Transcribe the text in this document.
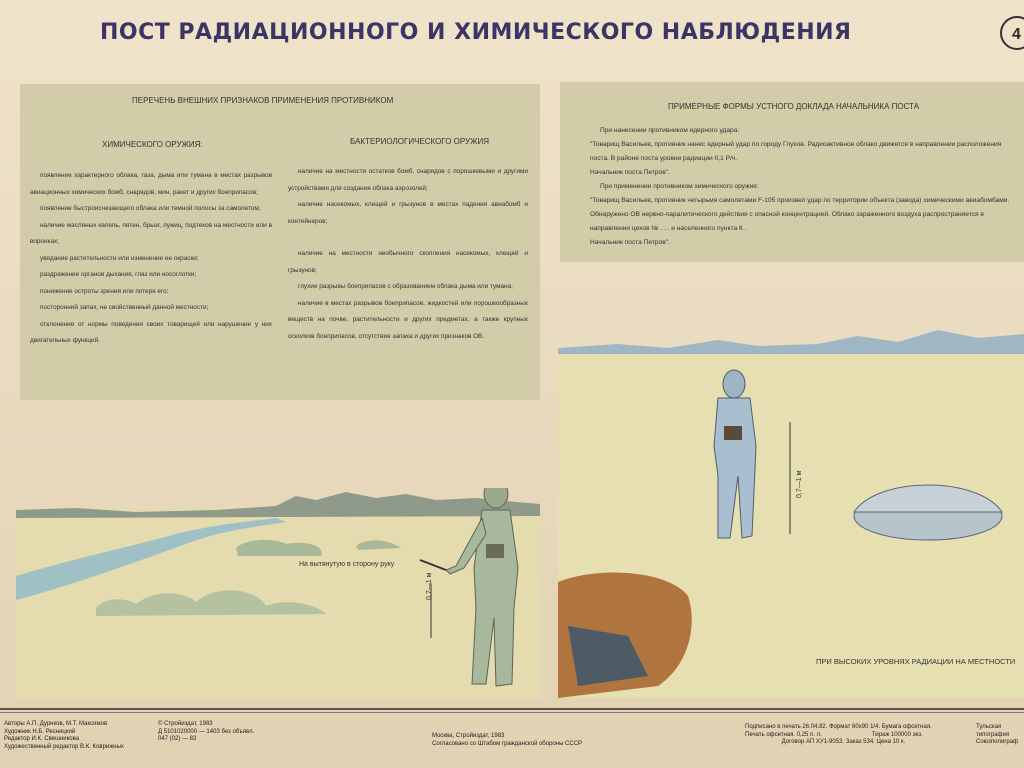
ПОСТ РАДИАЦИОННОГО И ХИМИЧЕСКОГО НАБЛЮДЕНИЯ	4
ПЕРЕЧЕНЬ ВНЕШНИХ ПРИЗНАКОВ ПРИМЕНЕНИЯ ПРОТИВНИКОМ
ХИМИЧЕСКОГО ОРУЖИЯ:	БАКТЕРИОЛОГИЧЕСКОГО ОРУЖИЯ

появление характерного облака, газа, дыма или тумана в местах разрывов авиационных химических бомб, снарядов, мин, ракет и других боеприпасов;

появление быстроисчезающего облака или темной полосы за самолетом;

наличие масляных капель, пятен, брызг, лужиц, подтеков на местности или в воронках;

увядание растительности или изменение ее окраски;

раздражение органов дыхания, глаз или носоглотки;

понижение остроты зрения или потеря его;

посторонний запах, не свойственный данной местности;

отклонение от нормы поведения своих товарищей или нарушение у них двигательных функций.

наличие на местности остатков бомб, снарядов с порошкевыми и другими устройствами для создания облака аэрозолей;

наличие насекомых, клещей и грызунов в местах падения авиабомб и контейнеров;

наличие на местности необычного скопления насекомых, клещей и грызунов;

глухие разрывы боеприпасов с образованием облака дыма или тумана;

наличие в местах разрывов боеприпасов, жидкостей или порошкообразных веществ на почве, растительности и других предметах, а также крупных осколков боеприпасов, отсутствие запаха и других признаков ОВ.

ПРИМЕРНЫЕ ФОРМЫ УСТНОГО ДОКЛАДА НАЧАЛЬНИКА ПОСТА

При нанесении противником ядерного удара:

"Товарищ Васильев, противник нанес ядерный удар по городу Глухов. Радиоактивное облако движется в направлении расположения поста. В районе поста уровни радиации 0,1 Р/ч.

Начальник поста Петров".

При применении противником химического оружия:

"Товарищ Васильев, противник четырьмя самолетами F-105 произвел удар по территории объекта (завода) химическими авиабомбами. Обнаружено ОВ нервно-паралитического действия с опасной концентрацией. Облако зараженного воздуха распространяется в направлении цехов № . . . и населенного пункта К .

Начальник поста Петров".

На вытянутую в сторону руку
0,7—1 м
0,7—1 м
ПРИ ВЫСОКИХ УРОВНЯХ РАДИАЦИИ НА МЕСТНОСТИ

Авторы А.П. Дурнков, М.Т. Максимов

Художник Н.Б. Ресницкий

Редактор И.К. Свешникова

Художественный редактор В.К. Коврижных

© Стройиздат, 1983

Д 5101020000 — 1403 без объявл.

047 (02) — 83

Москва, Стройиздат, 1983

Согласовано со Штабом гражданской обороны СССР

Подписано в печать 26.04.82. Формат 60х90 1/4. Бумага офсетная.

Печать офсетная. 0,25 п. л.                              Тираж 100000 экз.

Договор АП ХУ1-9053. Заказ 534. Цена 10 к.

Тульская

типография

Союзполиграф
